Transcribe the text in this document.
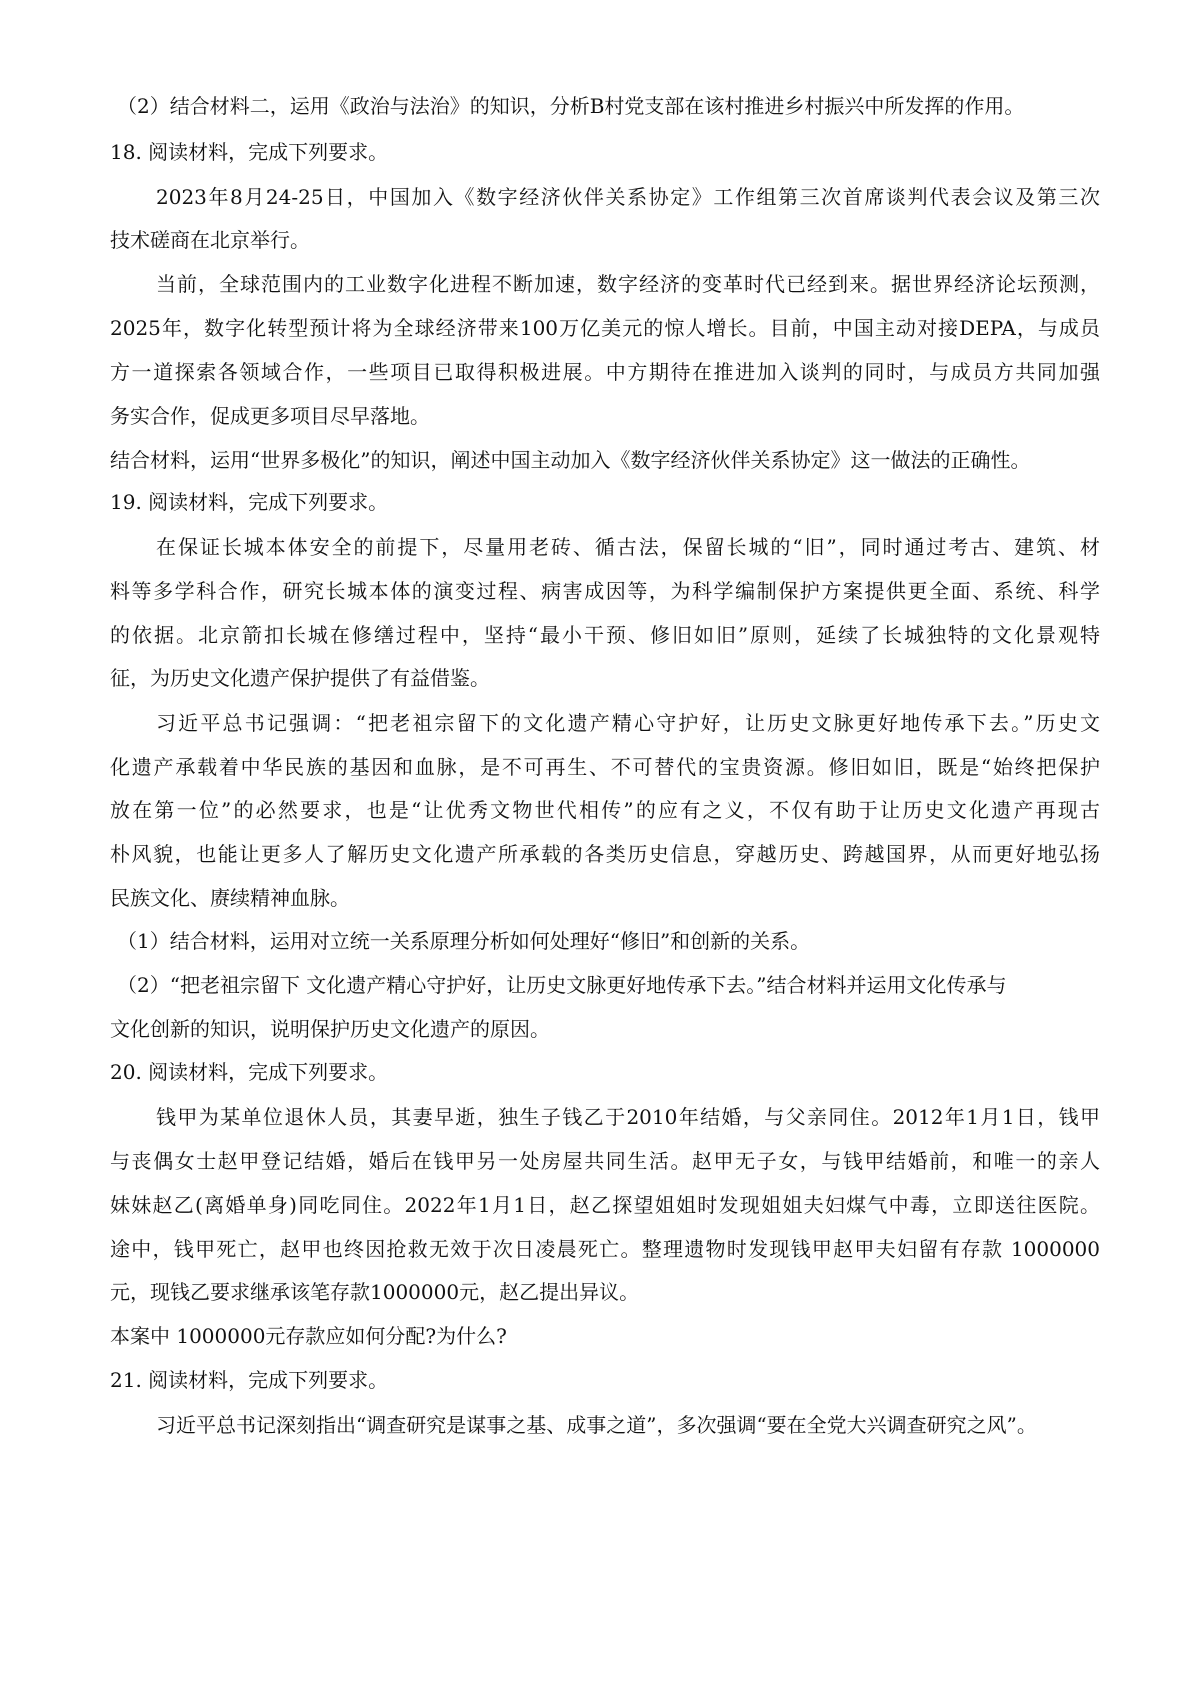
（2）结合材料二，运用《政治与法治》的知识，分析B村党支部在该村推进乡村振兴中所发挥的作用。

18. 阅读材料，完成下列要求。

2023年8月24-25日，中国加入《数字经济伙伴关系协定》工作组第三次首席谈判代表会议及第三次

技术磋商在北京举行。

当前，全球范围内的工业数字化进程不断加速，数字经济的变革时代已经到来。据世界经济论坛预测，

2025年，数字化转型预计将为全球经济带来100万亿美元的惊人增长。目前，中国主动对接DEPA，与成员

方一道探索各领域合作，一些项目已取得积极进展。中方期待在推进加入谈判的同时，与成员方共同加强

务实合作，促成更多项目尽早落地。

结合材料，运用“世界多极化”的知识，阐述中国主动加入《数字经济伙伴关系协定》这一做法的正确性。

19. 阅读材料，完成下列要求。

在保证长城本体安全的前提下，尽量用老砖、循古法，保留长城的“旧”，同时通过考古、建筑、材

料等多学科合作，研究长城本体的演变过程、病害成因等，为科学编制保护方案提供更全面、系统、科学

的依据。北京箭扣长城在修缮过程中，坚持“最小干预、修旧如旧”原则，延续了长城独特的文化景观特

征，为历史文化遗产保护提供了有益借鉴。

习近平总书记强调：“把老祖宗留下的文化遗产精心守护好，让历史文脉更好地传承下去。”历史文

化遗产承载着中华民族的基因和血脉，是不可再生、不可替代的宝贵资源。修旧如旧，既是“始终把保护

放在第一位”的必然要求，也是“让优秀文物世代相传”的应有之义，不仅有助于让历史文化遗产再现古

朴风貌，也能让更多人了解历史文化遗产所承载的各类历史信息，穿越历史、跨越国界，从而更好地弘扬

民族文化、赓续精神血脉。

（1）结合材料，运用对立统一关系原理分析如何处理好“修旧”和创新的关系。

（2）“把老祖宗留下 文化遗产精心守护好，让历史文脉更好地传承下去。”结合材料并运用文化传承与

文化创新的知识，说明保护历史文化遗产的原因。

20. 阅读材料，完成下列要求。

钱甲为某单位退休人员，其妻早逝，独生子钱乙于2010年结婚，与父亲同住。2012年1月1日，钱甲

与丧偶女士赵甲登记结婚，婚后在钱甲另一处房屋共同生活。赵甲无子女，与钱甲结婚前，和唯一的亲人

妹妹赵乙(离婚单身)同吃同住。2022年1月1日，赵乙探望姐姐时发现姐姐夫妇煤气中毒，立即送往医院。

途中，钱甲死亡，赵甲也终因抢救无效于次日凌晨死亡。整理遗物时发现钱甲赵甲夫妇留有存款 1000000

元，现钱乙要求继承该笔存款1000000元，赵乙提出异议。

本案中 1000000元存款应如何分配?为什么?

21. 阅读材料，完成下列要求。

习近平总书记深刻指出“调查研究是谋事之基、成事之道”，多次强调“要在全党大兴调查研究之风”。
